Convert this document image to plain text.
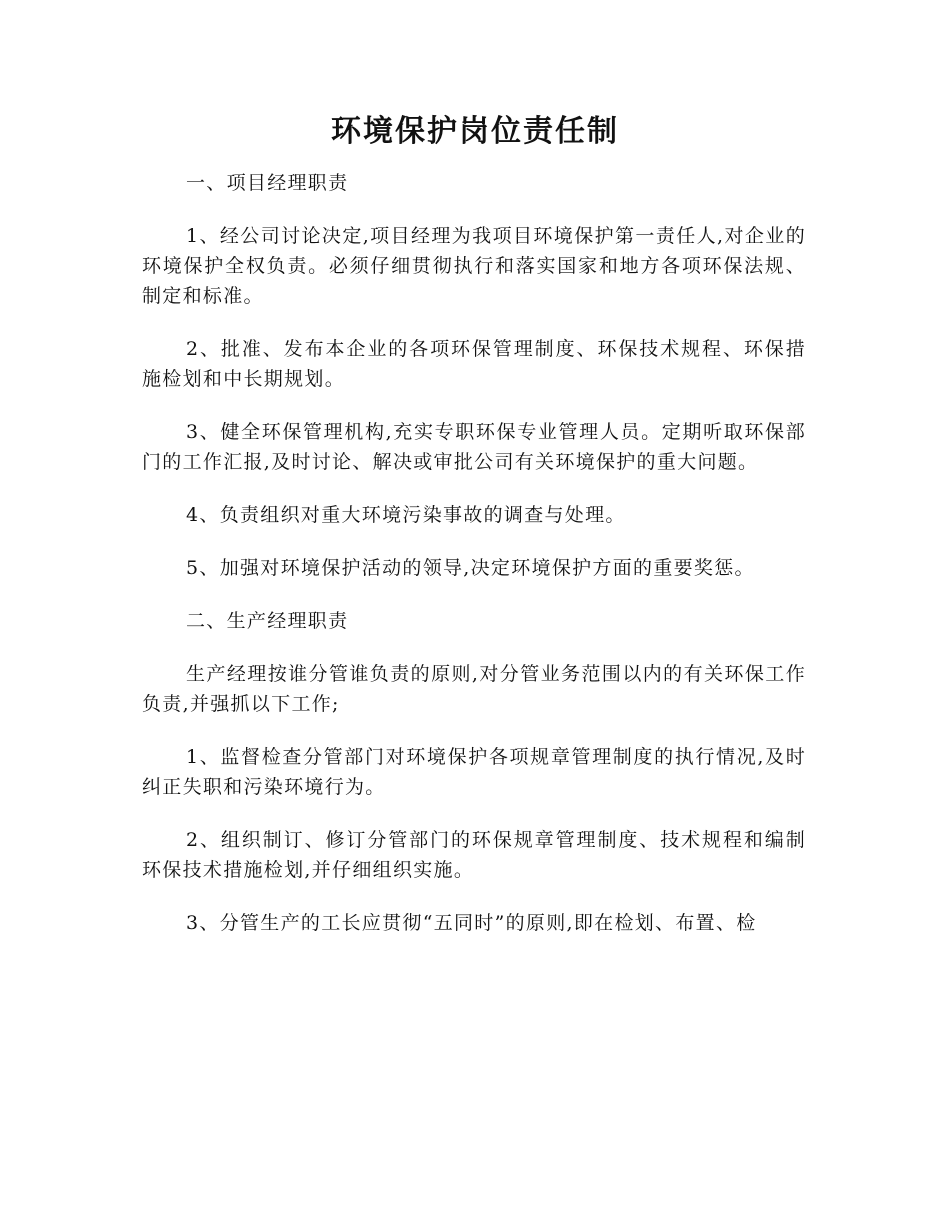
环境保护岗位责任制

一、项目经理职责

1、经公司讨论决定,项目经理为我项目环境保护第一责任人,对企业的环境保护全权负责。必须仔细贯彻执行和落实国家和地方各项环保法规、制定和标准。

2、批准、发布本企业的各项环保管理制度、环保技术规程、环保措施检划和中长期规划。

3、健全环保管理机构,充实专职环保专业管理人员。定期听取环保部门的工作汇报,及时讨论、解决或审批公司有关环境保护的重大问题。

4、负责组织对重大环境污染事故的调查与处理。

5、加强对环境保护活动的领导,决定环境保护方面的重要奖惩。

二、生产经理职责

生产经理按谁分管谁负责的原则,对分管业务范围以内的有关环保工作负责,并强抓以下工作;

1、监督检查分管部门对环境保护各项规章管理制度的执行情况,及时纠正失职和污染环境行为。

2、组织制订、修订分管部门的环保规章管理制度、技术规程和编制环保技术措施检划,并仔细组织实施。

3、分管生产的工长应贯彻“五同时”的原则,即在检划、布置、检
